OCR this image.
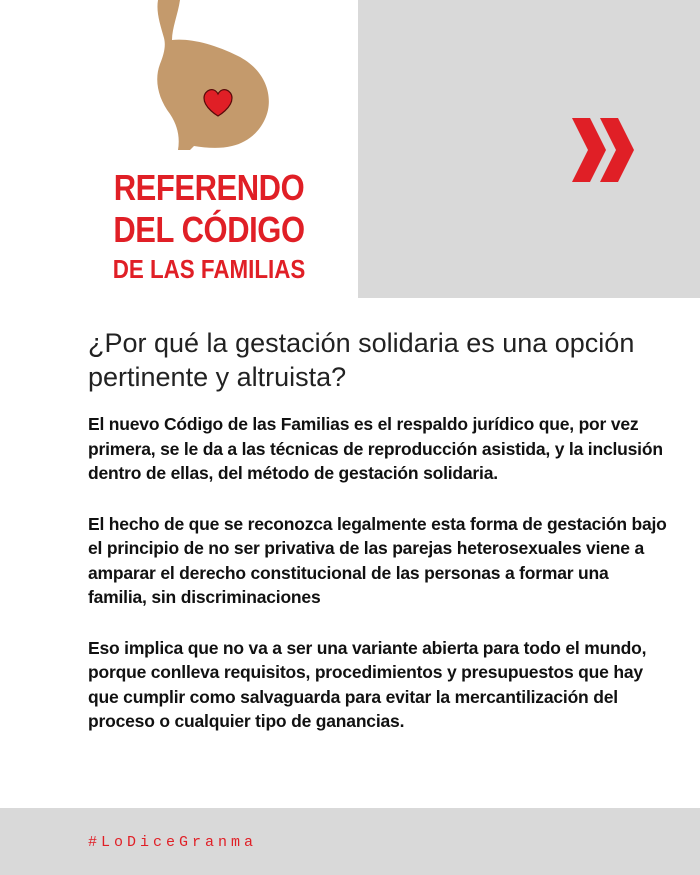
REFERENDO
DEL CÓDIGO
DE LAS FAMILIAS
¿Por qué la gestación solidaria es una opción pertinente y altruista?

El nuevo Código de las Familias es el respaldo jurídico que, por vez primera, se le da a las técnicas de reproducción asistida, y la inclusión dentro de ellas, del método de gestación solidaria.

El hecho de que se reconozca legalmente esta forma de gestación bajo el principio de no ser privativa de las parejas heterosexuales viene a amparar el derecho constitucional de las personas a formar una familia, sin discriminaciones

Eso implica que no va a ser una variante abierta para todo el mundo, porque conlleva requisitos, procedimientos y presupuestos que hay que cumplir como salvaguarda para evitar la mercantilización del proceso o cualquier tipo de ganancias.

#LoDiceGranma
